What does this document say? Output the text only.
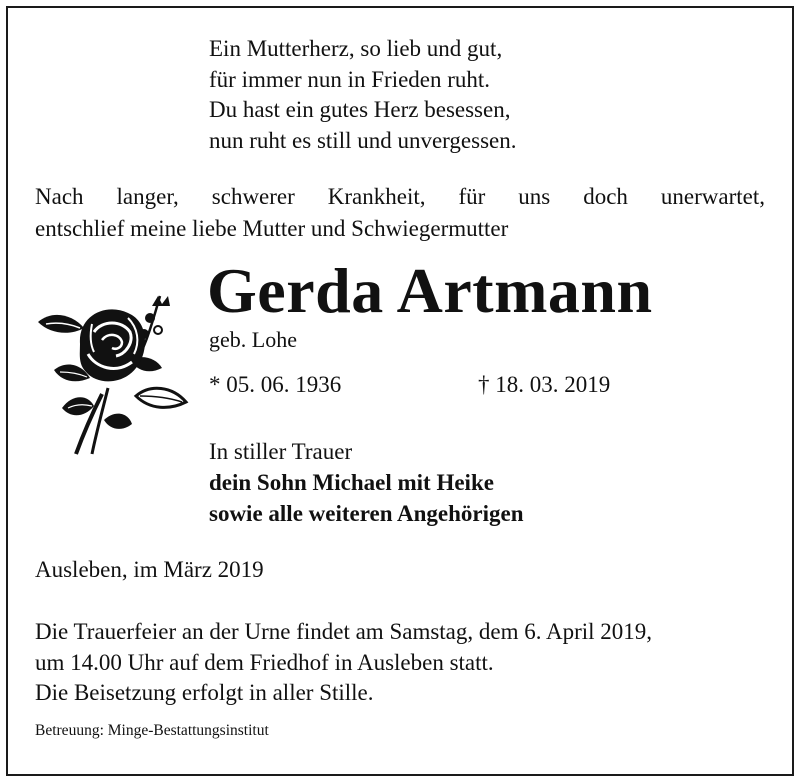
Ein Mutterherz, so lieb und gut,
für immer nun in Frieden ruht.
Du hast ein gutes Herz besessen,
nun ruht es still und unvergessen.
Nach langer, schwerer Krankheit, für uns doch unerwartet,
entschlief meine liebe Mutter und Schwiegermutter
Gerda Artmann
geb. Lohe
* 05. 06. 1936	† 18. 03. 2019
In stiller Trauer
dein Sohn Michael mit Heike
sowie alle weiteren Angehörigen
Ausleben, im März 2019
Die Trauerfeier an der Urne findet am Samstag, dem 6. April 2019,
um 14.00 Uhr auf dem Friedhof in Ausleben statt.
Die Beisetzung erfolgt in aller Stille.
Betreuung: Minge-Bestattungsinstitut
